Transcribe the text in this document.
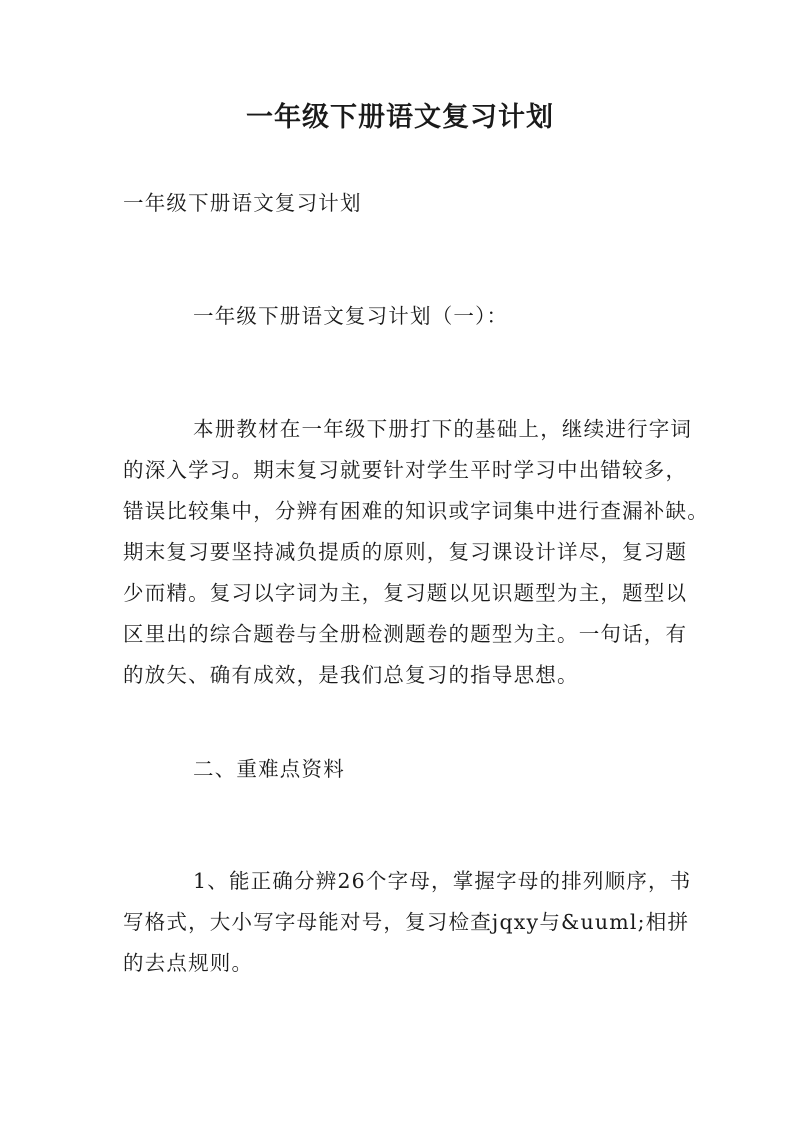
一年级下册语文复习计划
一年级下册语文复习计划
一年级下册语文复习计划（一）：
本册教材在一年级下册打下的基础上，继续进行字词
的深入学习。期末复习就要针对学生平时学习中出错较多，
错误比较集中，分辨有困难的知识或字词集中进行查漏补缺。
期末复习要坚持减负提质的原则，复习课设计详尽，复习题
少而精。复习以字词为主，复习题以见识题型为主，题型以
区里出的综合题卷与全册检测题卷的题型为主。一句话，有
的放矢、确有成效，是我们总复习的指导思想。
二、重难点资料
1、能正确分辨26个字母，掌握字母的排列顺序，书
写格式，大小写字母能对号，复习检查jqxy与&uuml;相拼
的去点规则。
